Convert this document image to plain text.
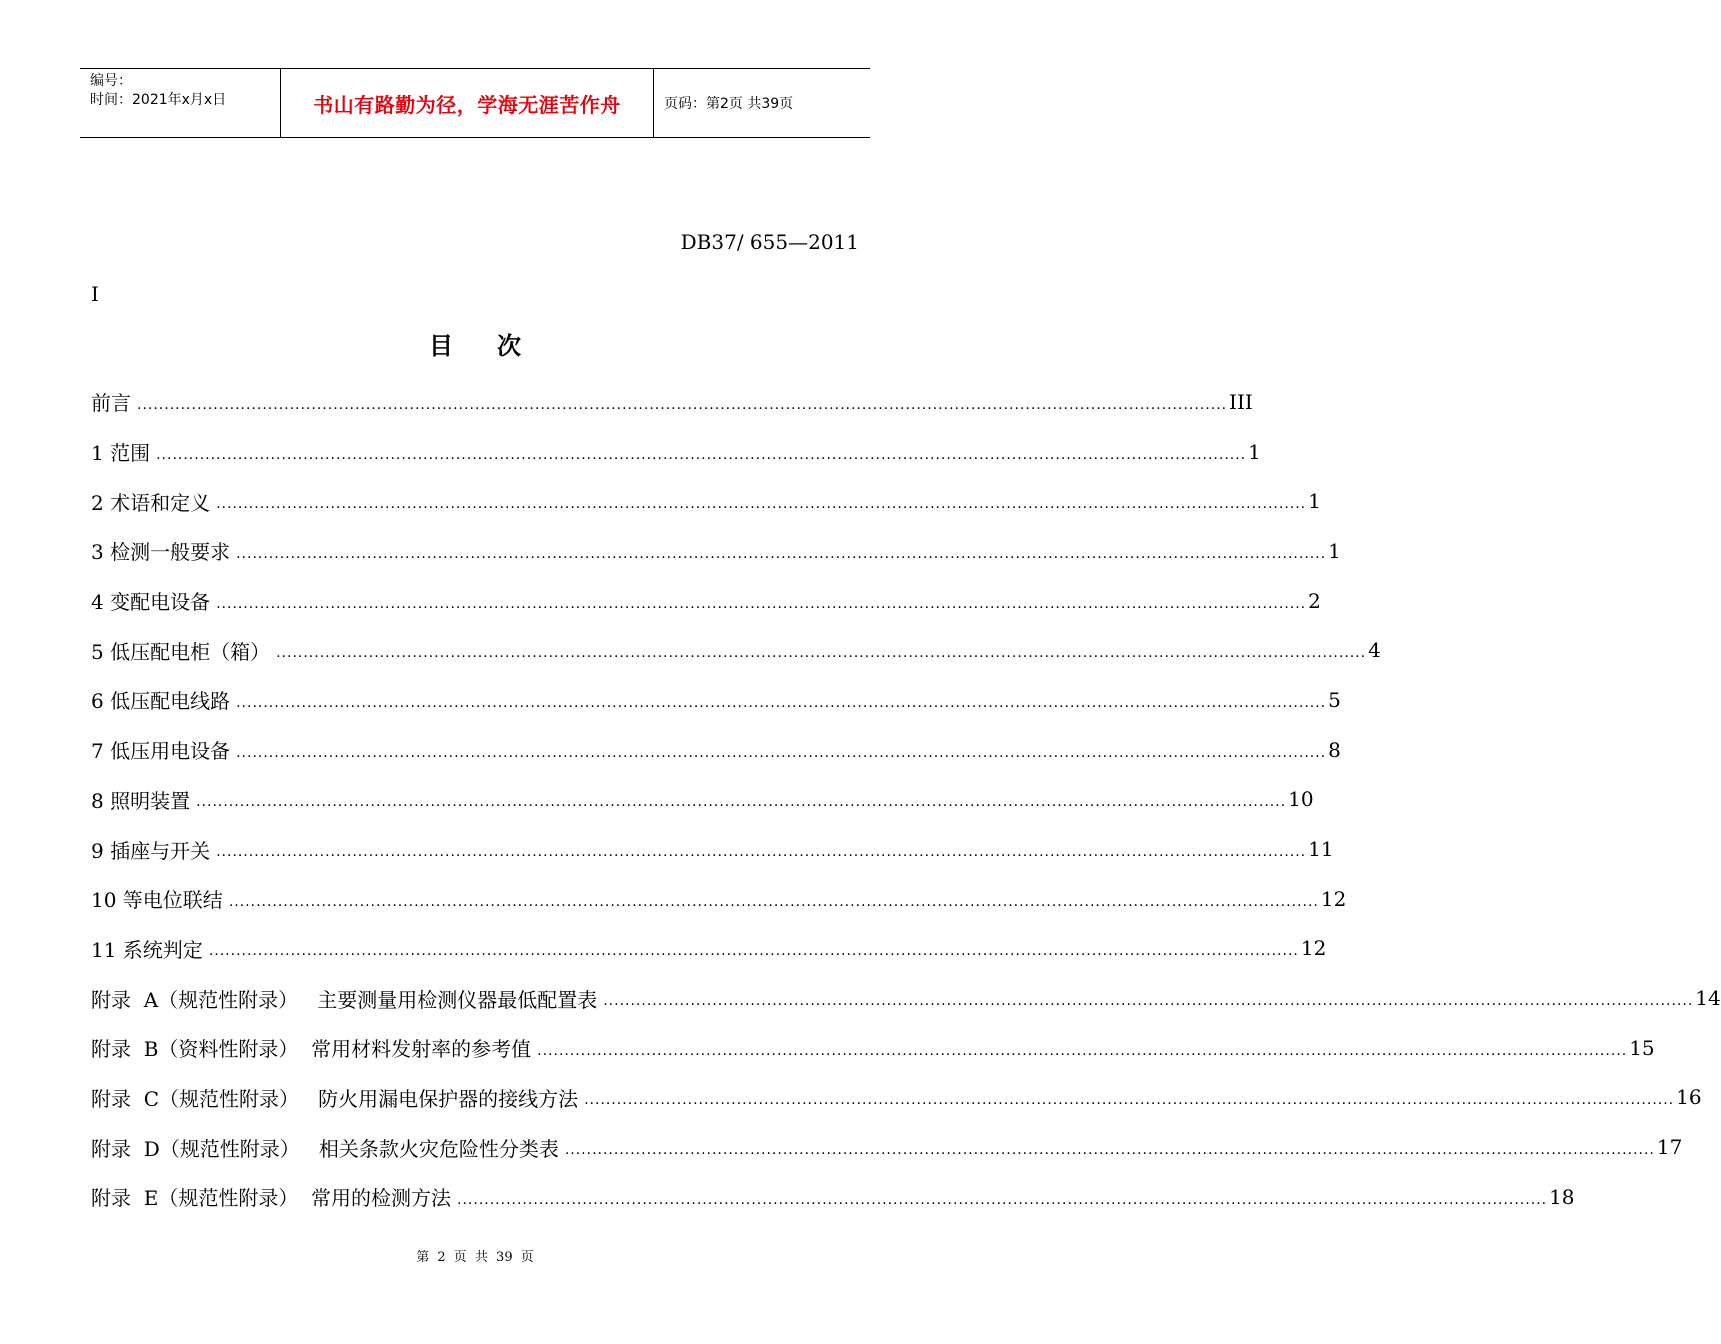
编号：
时间：2021年x月x日	书山有路勤为径，学海无涯苦作舟	页码：第2页 共39页
DB37/ 655—2011
I
目次
前言 ........................................................................................................................................................................................................ III
1 范围 ........................................................................................................................................................................................................ 1
2 术语和定义 ........................................................................................................................................................................................................ 1
3 检测一般要求 ........................................................................................................................................................................................................ 1
4 变配电设备 ........................................................................................................................................................................................................ 2
5 低压配电柜（箱） ........................................................................................................................................................................................................ 4
6 低压配电线路 ........................................................................................................................................................................................................ 5
7 低压用电设备 ........................................................................................................................................................................................................ 8
8 照明装置 ........................................................................................................................................................................................................ 10
9 插座与开关 ........................................................................................................................................................................................................ 11
10 等电位联结 ........................................................................................................................................................................................................ 12
11 系统判定 ........................................................................................................................................................................................................ 12
附录  A（规范性附录）   主要测量用检测仪器最低配置表 ........................................................................................................................................................................................................ 14
附录  B（资料性附录）  常用材料发射率的参考值 ........................................................................................................................................................................................................ 15
附录  C（规范性附录）   防火用漏电保护器的接线方法 ........................................................................................................................................................................................................ 16
附录  D（规范性附录）   相关条款火灾危险性分类表 ........................................................................................................................................................................................................ 17
附录  E（规范性附录）  常用的检测方法 ........................................................................................................................................................................................................ 18
第 2 页 共 39 页
